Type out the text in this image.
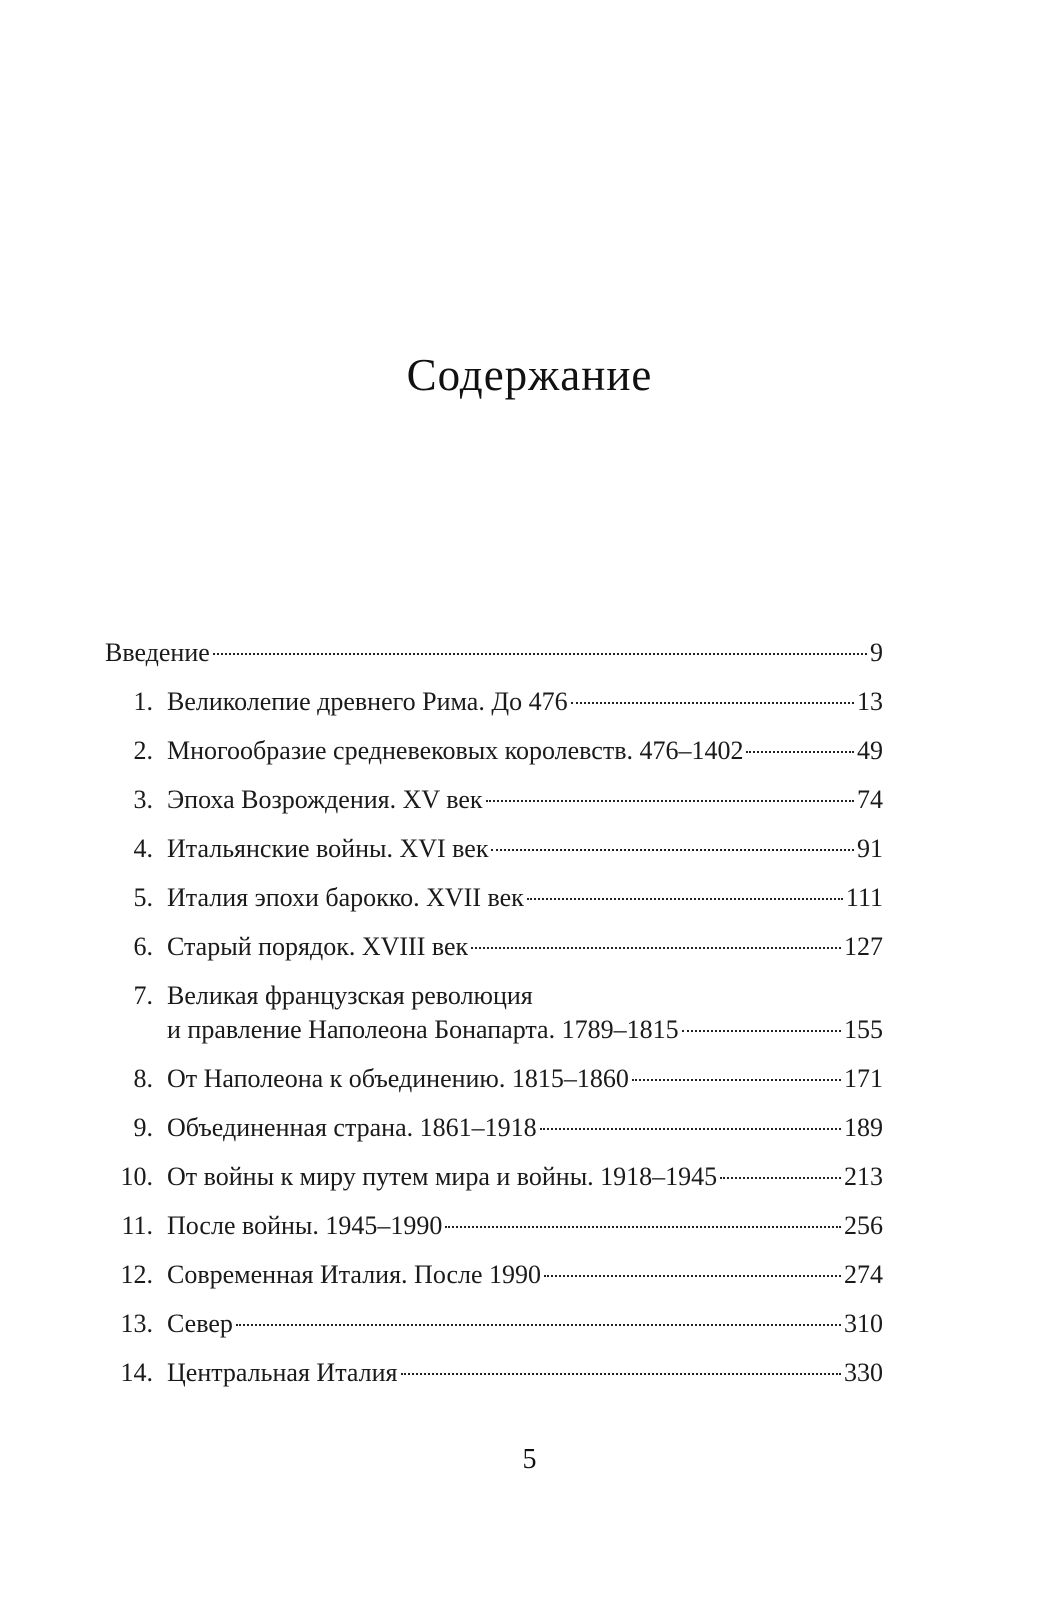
Содержание
Введение	9
1. Великолепие древнего Рима. До 476	13
2. Многообразие средневековых королевств. 476–1402	49
3. Эпоха Возрождения. XV век	74
4. Итальянские войны. XVI век	91
5. Италия эпохи барокко. XVII век	111
6. Старый порядок. XVIII век	127
7. Великая французская революция
и правление Наполеона Бонапарта. 1789–1815	155
8. От Наполеона к объединению. 1815–1860	171
9. Объединенная страна. 1861–1918	189
10. От войны к миру путем мира и войны. 1918–1945	213
11. После войны. 1945–1990	256
12. Современная Италия. После 1990	274
13. Север	310
14. Центральная Италия	330
5
